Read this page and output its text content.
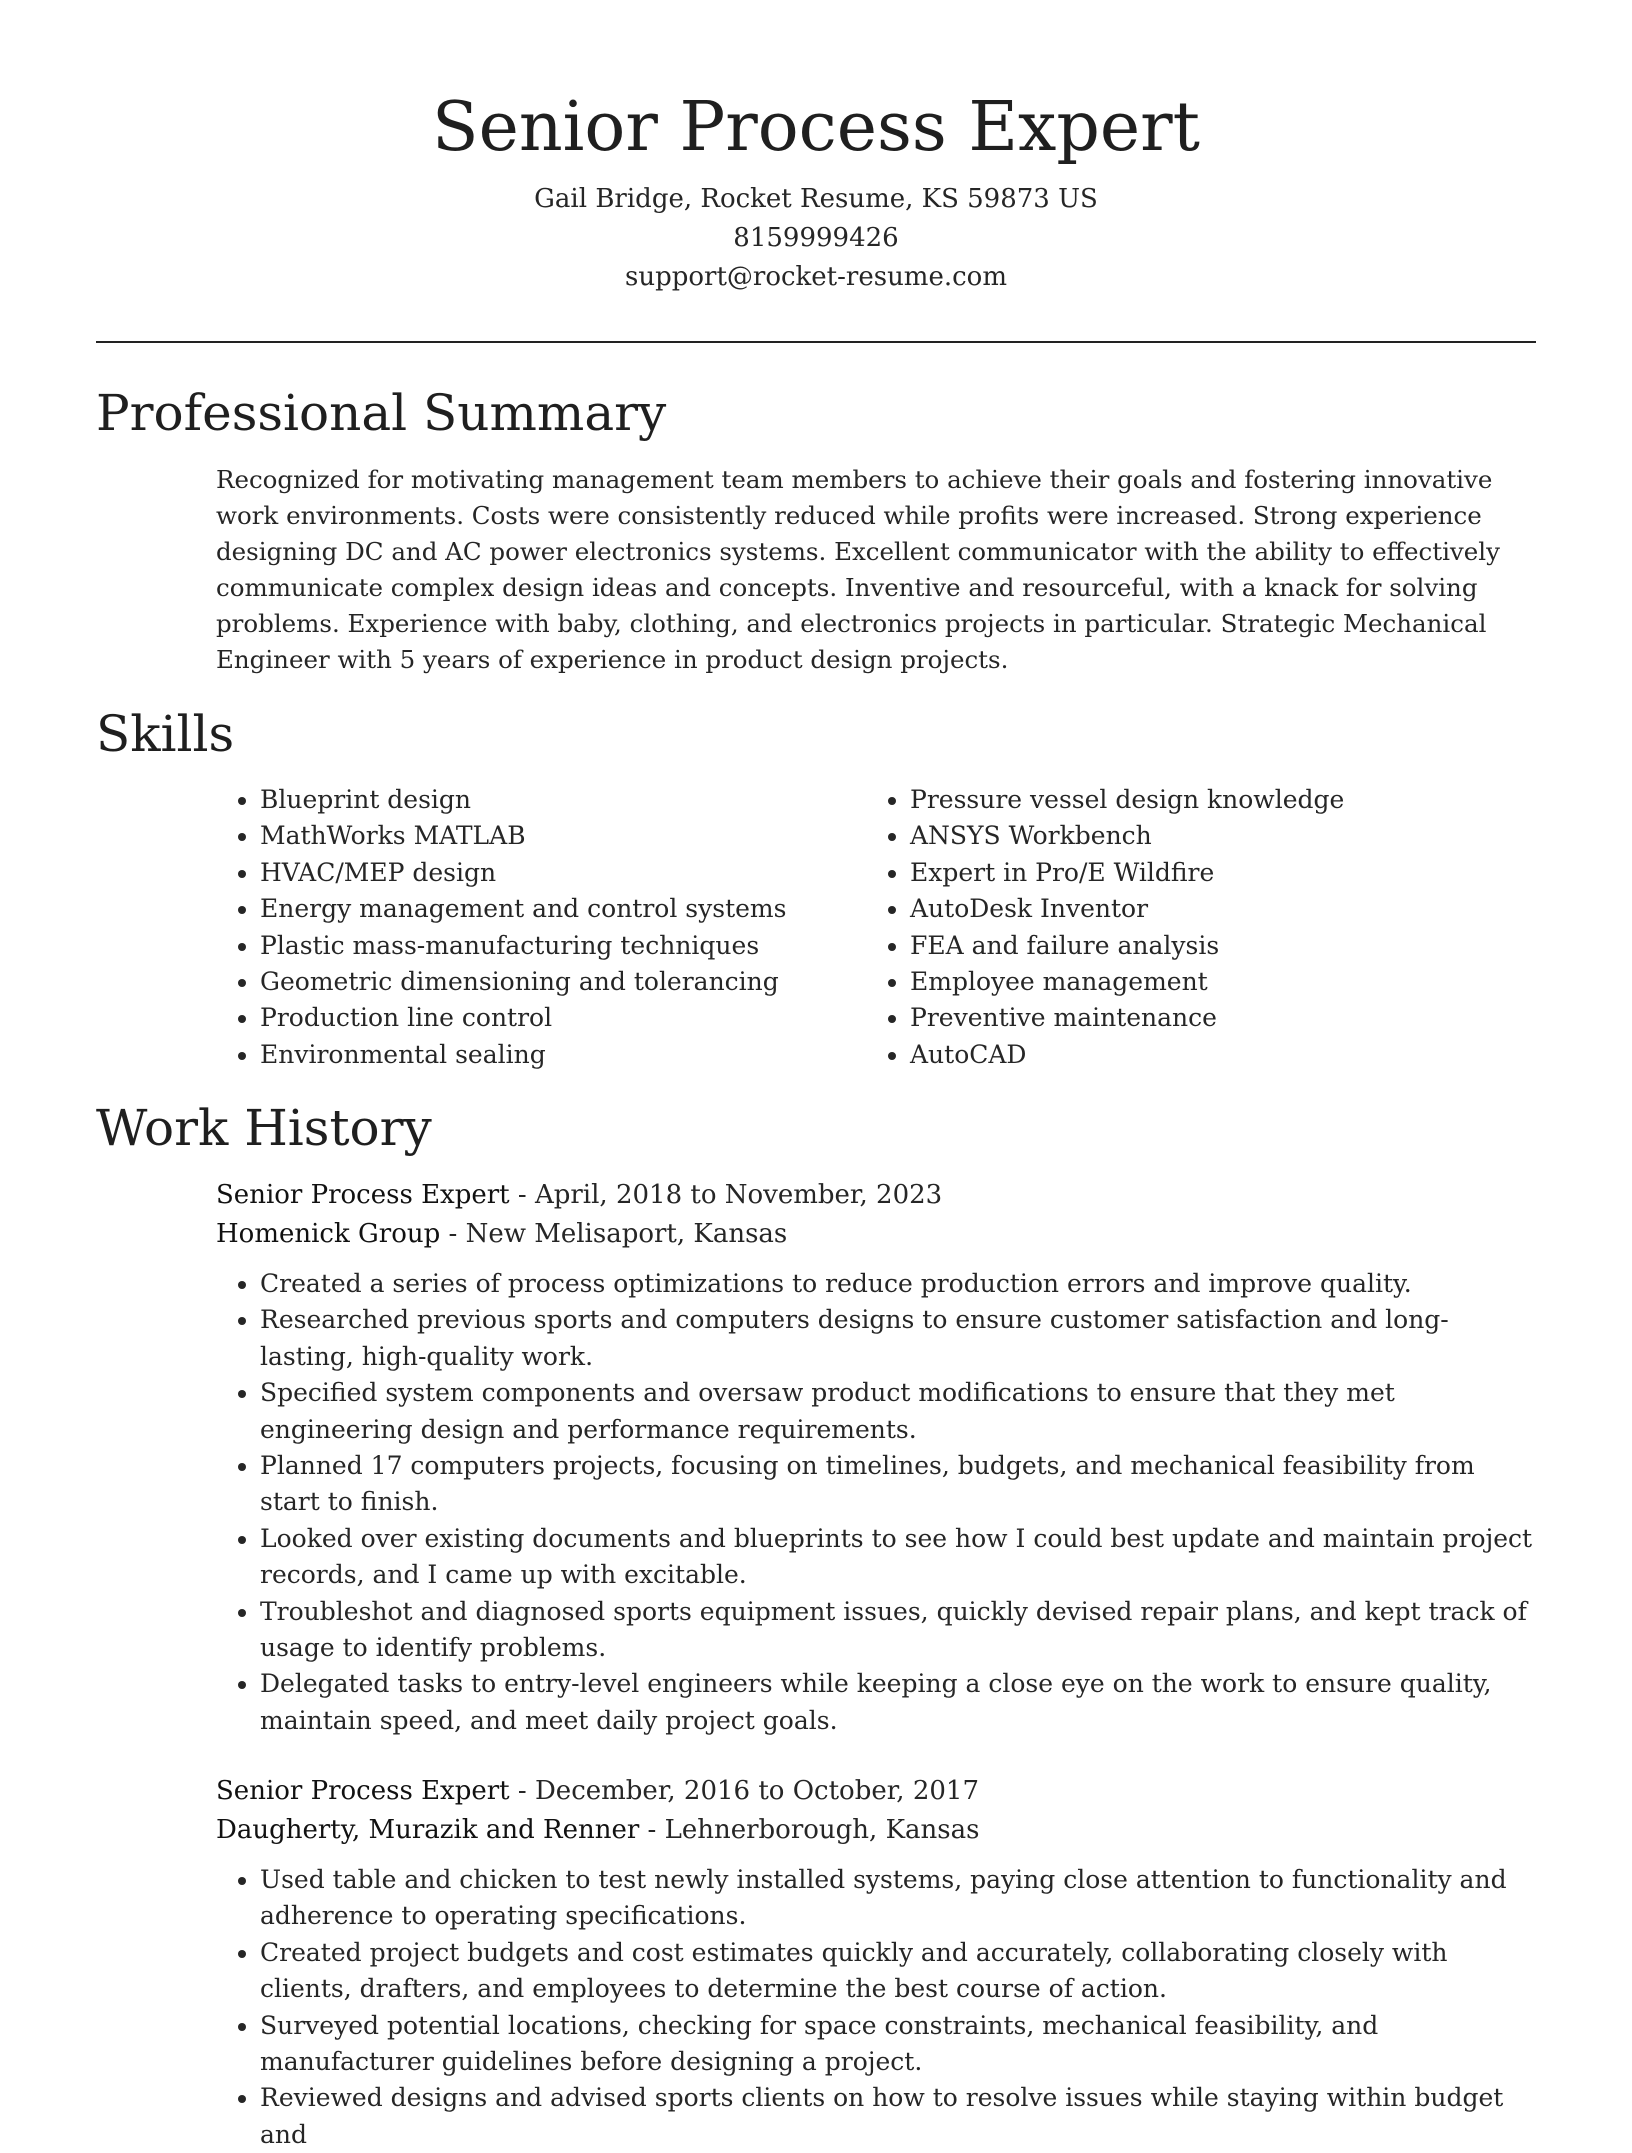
Senior Process Expert
Gail Bridge, Rocket Resume, KS 59873 US
8159999426
support@rocket-resume.com
Professional Summary

Recognized for motivating management team members to achieve their goals and fostering innovative work environments. Costs were consistently reduced while profits were increased. Strong experience designing DC and AC power electronics systems. Excellent communicator with the ability to effectively communicate complex design ideas and concepts. Inventive and resourceful, with a knack for solving problems. Experience with baby, clothing, and electronics projects in particular. Strategic Mechanical Engineer with 5 years of experience in product design projects.

Skills
• Blueprint design
• MathWorks MATLAB
• HVAC/MEP design
• Energy management and control systems
• Plastic mass-manufacturing techniques
• Geometric dimensioning and tolerancing
• Production line control
• Environmental sealing
• Pressure vessel design knowledge
• ANSYS Workbench
• Expert in Pro/E Wildfire
• AutoDesk Inventor
• FEA and failure analysis
• Employee management
• Preventive maintenance
• AutoCAD
Work History
Senior Process Expert - April, 2018 to November, 2023
Homenick Group - New Melisaport, Kansas
• Created a series of process optimizations to reduce production errors and improve quality.
• Researched previous sports and computers designs to ensure customer satisfaction and long-lasting, high-quality work.
• Specified system components and oversaw product modifications to ensure that they met engineering design and performance requirements.
• Planned 17 computers projects, focusing on timelines, budgets, and mechanical feasibility from start to finish.
• Looked over existing documents and blueprints to see how I could best update and maintain project records, and I came up with excitable.
• Troubleshot and diagnosed sports equipment issues, quickly devised repair plans, and kept track of usage to identify problems.
• Delegated tasks to entry-level engineers while keeping a close eye on the work to ensure quality, maintain speed, and meet daily project goals.
Senior Process Expert - December, 2016 to October, 2017
Daugherty, Murazik and Renner - Lehnerborough, Kansas
• Used table and chicken to test newly installed systems, paying close attention to functionality and adherence to operating specifications.
• Created project budgets and cost estimates quickly and accurately, collaborating closely with clients, drafters, and employees to determine the best course of action.
• Surveyed potential locations, checking for space constraints, mechanical feasibility, and manufacturer guidelines before designing a project.
• Reviewed designs and advised sports clients on how to resolve issues while staying within budget and
